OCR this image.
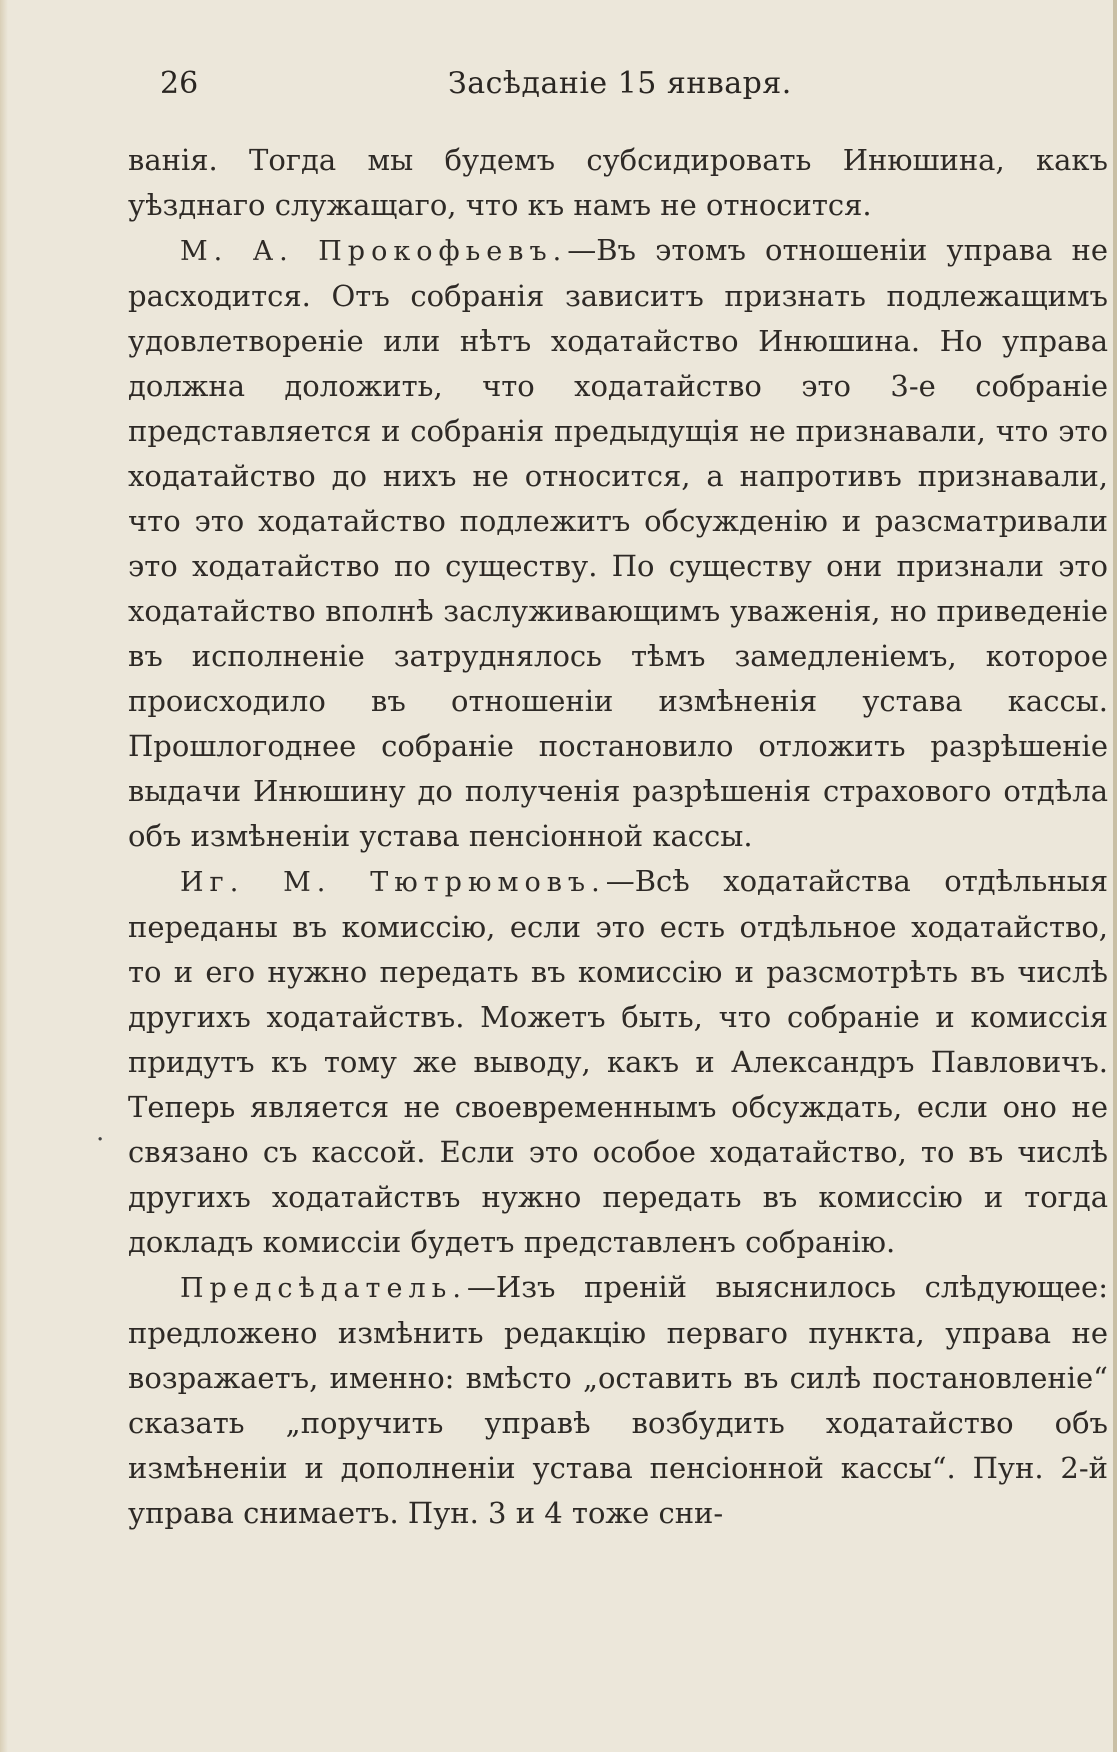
26	Засѣданіе 15 января.
.

ванія. Тогда мы будемъ субсидировать Инюшина, какъ уѣзднаго служащаго, что къ намъ не относится.

М. А. Прокофьевъ.—Въ этомъ отношеніи управа не расходится. Отъ собранія зависитъ признать подлежащимъ удовлетвореніе или нѣтъ ходатайство Инюшина. Но управа должна доложить, что ходатайство это 3-е собраніе представляется и собранія предыдущія не признавали, что это ходатайство до нихъ не относится, а напротивъ признавали, что это ходатайство подлежитъ обсужденію и разсматривали это ходатайство по существу. По существу они признали это ходатайство вполнѣ заслуживающимъ уваженія, но приведеніе въ исполненіе затруднялось тѣмъ замедленіемъ, которое происходило въ отношеніи измѣненія устава кассы. Прошлогоднее собраніе постановило отложить разрѣшеніе выдачи Инюшину до полученія разрѣшенія страхового отдѣла объ измѣненіи устава пенсіонной кассы.

Иг. М. Тютрюмовъ.—Всѣ ходатайства отдѣльныя переданы въ комиссію, если это есть отдѣльное ходатайство, то и его нужно передать въ комиссію и разсмотрѣть въ числѣ другихъ ходатайствъ. Можетъ быть, что собраніе и комиссія придутъ къ тому же выводу, какъ и Александръ Павловичъ. Теперь является не своевременнымъ обсуждать, если оно не связано съ кассой. Если это особое ходатайство, то въ числѣ другихъ ходатайствъ нужно передать въ комиссію и тогда докладъ комиссіи будетъ представленъ собранію.

Предсѣдатель.—Изъ преній выяснилось слѣдующее: предложено измѣнить редакцію перваго пункта, управа не возражаетъ, именно: вмѣсто „оставить въ силѣ постановленіе“ сказать „поручить управѣ возбудить ходатайство объ измѣненіи и дополненіи устава пенсіонной кассы“. Пун. 2-й управа снимаетъ. Пун. 3 и 4 тоже сни-
